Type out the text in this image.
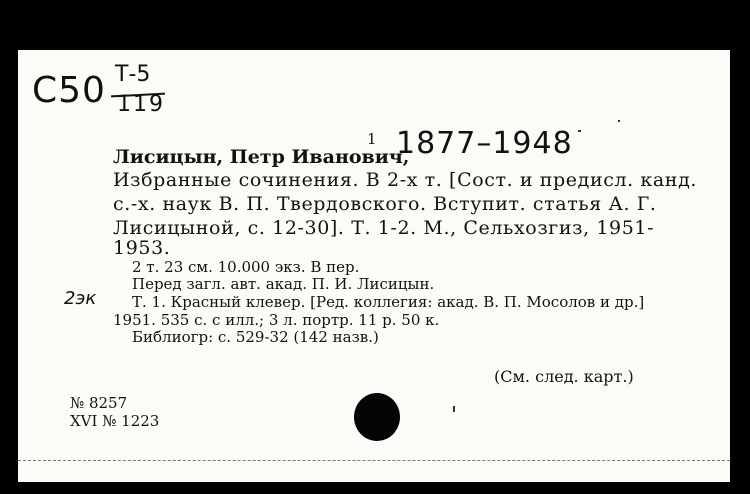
С50 Т-5
119
1 1877–1948
Лисицын, Петр Иванович,
Избранные сочинения. В 2-х т. [Сост. и предисл. канд.
с.-х. наук В. П. Твердовского. Вступит. статья А. Г.
Лисицыной, с. 12-30]. Т. 1-2. М., Сельхозгиз, 1951-
1953.
2 т. 23 см. 10.000 экз. В пер.
Перед загл. авт. акад. П. И. Лисицын.
2эк Т. 1. Красный клевер. [Ред. коллегия: акад. В. П. Мосолов и др.]
1951. 535 с. с илл.; 3 л. портр. 11 р. 50 к.
Библиогр: с. 529-32 (142 назв.)
(См. след. карт.)
№ 8257
XVI № 1223
